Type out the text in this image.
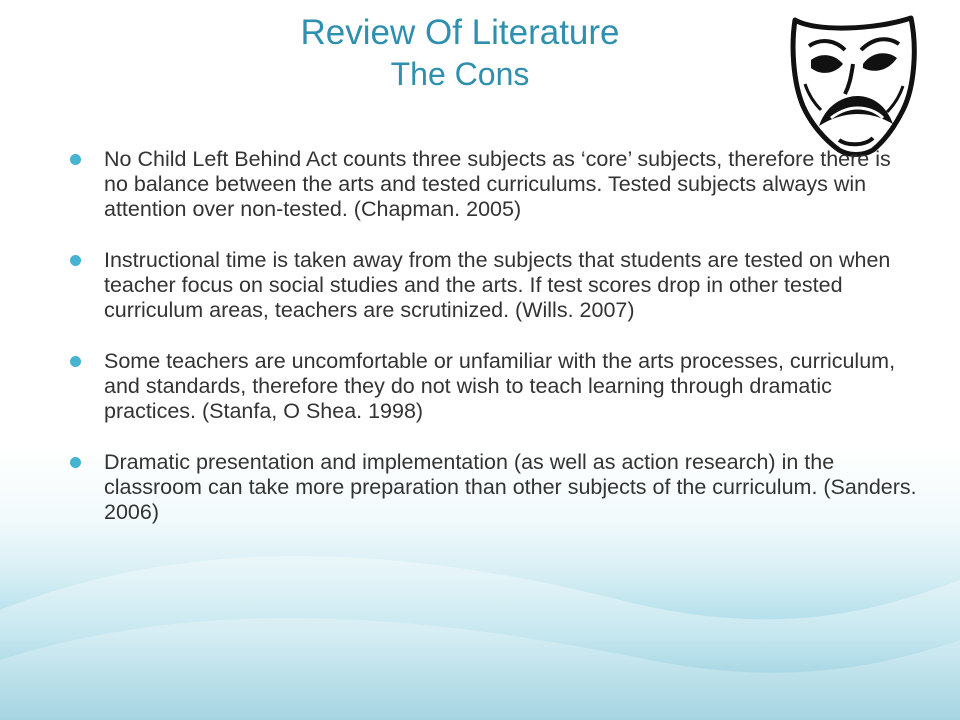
Review Of Literature
The Cons
No Child Left Behind Act counts three subjects as ‘core’ subjects, therefore there is no balance between the arts and tested curriculums. Tested subjects always win attention over non-tested. (Chapman. 2005)
Instructional time is taken away from the subjects that students are tested on when teacher focus on social studies and the arts. If test scores drop in other tested curriculum areas, teachers are scrutinized. (Wills. 2007)
Some teachers are uncomfortable or unfamiliar with the arts processes, curriculum, and standards, therefore they do not wish to teach learning through dramatic practices. (Stanfa, O Shea. 1998)
Dramatic presentation and implementation (as well as action research) in the classroom can take more preparation than other subjects of the curriculum. (Sanders. 2006)
